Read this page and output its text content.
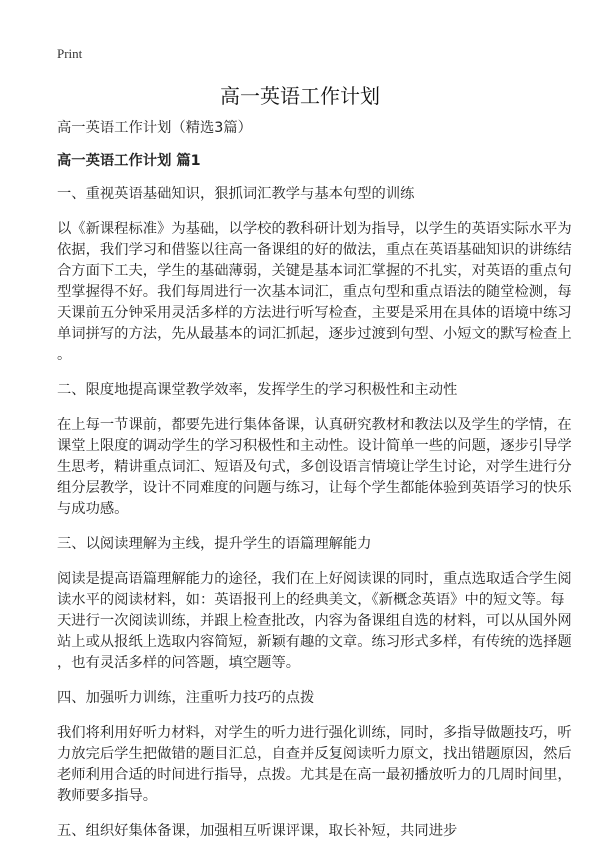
Print
高一英语工作计划

高一英语工作计划（精选3篇）

高一英语工作计划 篇1

一、重视英语基础知识，狠抓词汇教学与基本句型的训练

以《新课程标准》为基础，以学校的教科研计划为指导，以学生的英语实际水平为
依据，我们学习和借鉴以往高一备课组的好的做法，重点在英语基础知识的讲练结
合方面下工夫，学生的基础薄弱，关键是基本词汇掌握的不扎实，对英语的重点句
型掌握得不好。我们每周进行一次基本词汇，重点句型和重点语法的随堂检测，每
天课前五分钟采用灵活多样的方法进行听写检查，主要是采用在具体的语境中练习
单词拼写的方法，先从最基本的词汇抓起，逐步过渡到句型、小短文的默写检查上
。

二、限度地提高课堂教学效率，发挥学生的学习积极性和主动性

在上每一节课前，都要先进行集体备课，认真研究教材和教法以及学生的学情，在
课堂上限度的调动学生的学习积极性和主动性。设计简单一些的问题，逐步引导学
生思考，精讲重点词汇、短语及句式，多创设语言情境让学生讨论，对学生进行分
组分层教学，设计不同难度的问题与练习，让每个学生都能体验到英语学习的快乐
与成功感。

三、以阅读理解为主线，提升学生的语篇理解能力

阅读是提高语篇理解能力的途径，我们在上好阅读课的同时，重点选取适合学生阅
读水平的阅读材料，如：英语报刊上的经典美文，《新概念英语》中的短文等。每
天进行一次阅读训练，并跟上检查批改，内容为备课组自选的材料，可以从国外网
站上或从报纸上选取内容简短，新颖有趣的文章。练习形式多样，有传统的选择题
，也有灵活多样的问答题，填空题等。

四、加强听力训练，注重听力技巧的点拨

我们将利用好听力材料，对学生的听力进行强化训练，同时，多指导做题技巧，听
力放完后学生把做错的题目汇总，自查并反复阅读听力原文，找出错题原因，然后
老师利用合适的时间进行指导，点拨。尤其是在高一最初播放听力的几周时间里，
教师要多指导。

五、组织好集体备课，加强相互听课评课，取长补短，共同进步
